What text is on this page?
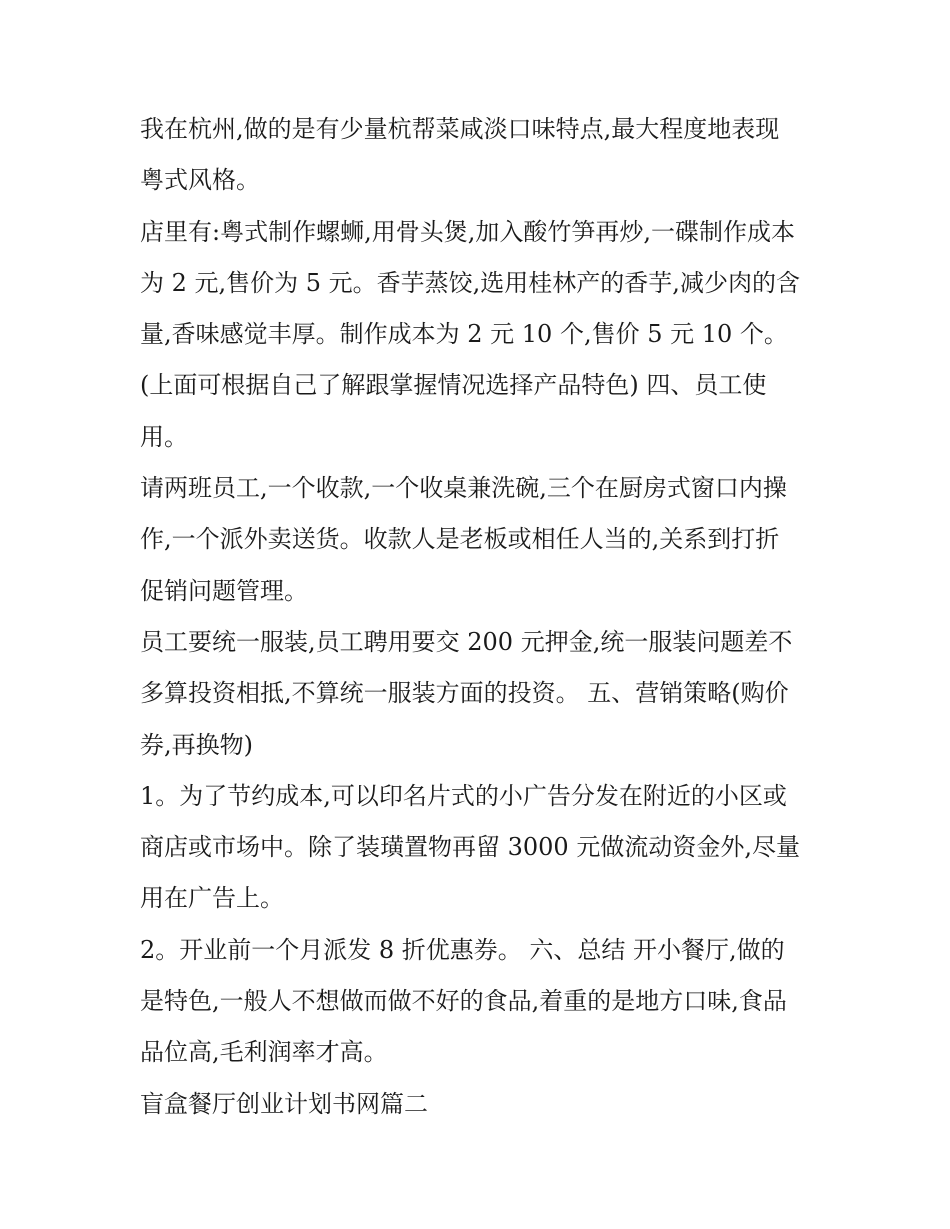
我在杭州,做的是有少量杭帮菜咸淡口味特点,最大程度地表现

粤式风格。

店里有:粤式制作螺蛳,用骨头煲,加入酸竹笋再炒,一碟制作成本

为 2 元,售价为 5 元。香芋蒸饺,选用桂林产的香芋,减少肉的含

量,香味感觉丰厚。制作成本为 2 元 10 个,售价 5 元 10 个。

(上面可根据自己了解跟掌握情况选择产品特色) 四、员工使

用。

请两班员工,一个收款,一个收桌兼洗碗,三个在厨房式窗口内操

作,一个派外卖送货。收款人是老板或相任人当的,关系到打折

促销问题管理。

员工要统一服装,员工聘用要交 200 元押金,统一服装问题差不

多算投资相抵,不算统一服装方面的投资。 五、营销策略(购价

券,再换物)

1。为了节约成本,可以印名片式的小广告分发在附近的小区或

商店或市场中。除了装璜置物再留 3000 元做流动资金外,尽量

用在广告上。

2。开业前一个月派发 8 折优惠券。 六、总结 开小餐厅,做的

是特色,一般人不想做而做不好的食品,着重的是地方口味,食品

品位高,毛利润率才高。

盲盒餐厅创业计划书网篇二
